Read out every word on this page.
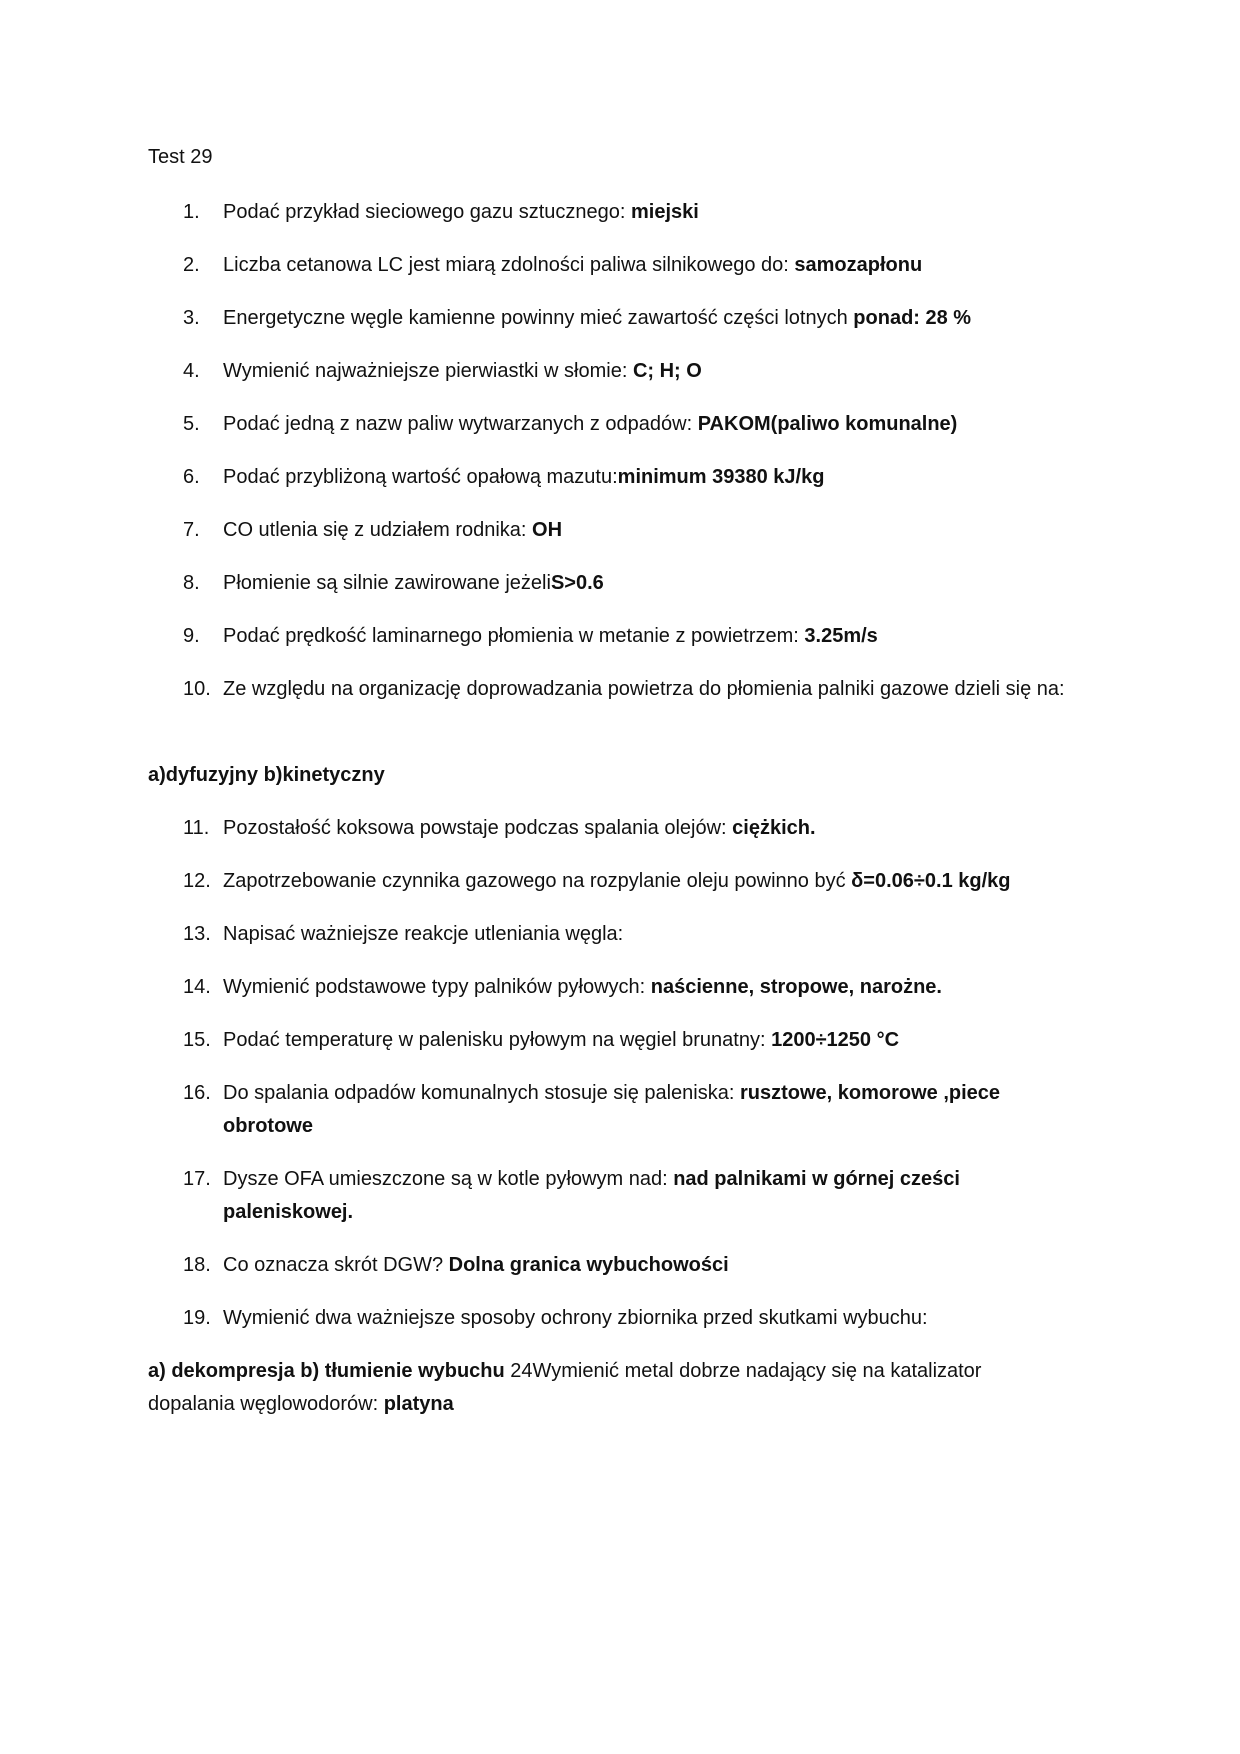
Test 29
1.	Podać przykład sieciowego gazu sztucznego: miejski
2.	Liczba cetanowa LC jest miarą zdolności paliwa silnikowego do: samozapłonu
3.	Energetyczne węgle kamienne powinny mieć zawartość części lotnych ponad: 28 %
4.	Wymienić najważniejsze pierwiastki w słomie: C; H; O
5.	Podać jedną z nazw paliw wytwarzanych z odpadów: PAKOM(paliwo komunalne)
6.	Podać przybliżoną wartość opałową mazutu:minimum 39380 kJ/kg
7.	CO utlenia się z udziałem rodnika: OH
8.	Płomienie są silnie zawirowane jeżeliS>0.6
9.	Podać prędkość laminarnego płomienia w metanie z powietrzem: 3.25m/s
10. Ze względu na organizację doprowadzania powietrza do płomienia palniki gazowe dzieli się na:
a)dyfuzyjny b)kinetyczny
11. Pozostałość koksowa powstaje podczas spalania olejów: ciężkich.
12. Zapotrzebowanie czynnika gazowego na rozpylanie oleju powinno być δ=0.06÷0.1 kg/kg
13. Napisać ważniejsze reakcje utleniania węgla:
14. Wymienić podstawowe typy palników pyłowych: naścienne, stropowe, narożne.
15. Podać temperaturę w palenisku pyłowym na węgiel brunatny: 1200÷1250 °C
16. Do spalania odpadów komunalnych stosuje się paleniska: rusztowe, komorowe ,piece obrotowe
17. Dysze OFA umieszczone są w kotle pyłowym nad: nad palnikami w górnej cześci paleniskowej.
18. Co oznacza skrót DGW? Dolna granica wybuchowości
19. Wymienić dwa ważniejsze sposoby ochrony zbiornika przed skutkami wybuchu:
a) dekompresja b) tłumienie wybuchu 24Wymienić metal dobrze nadający się na katalizator dopalania węglowodorów: platyna
